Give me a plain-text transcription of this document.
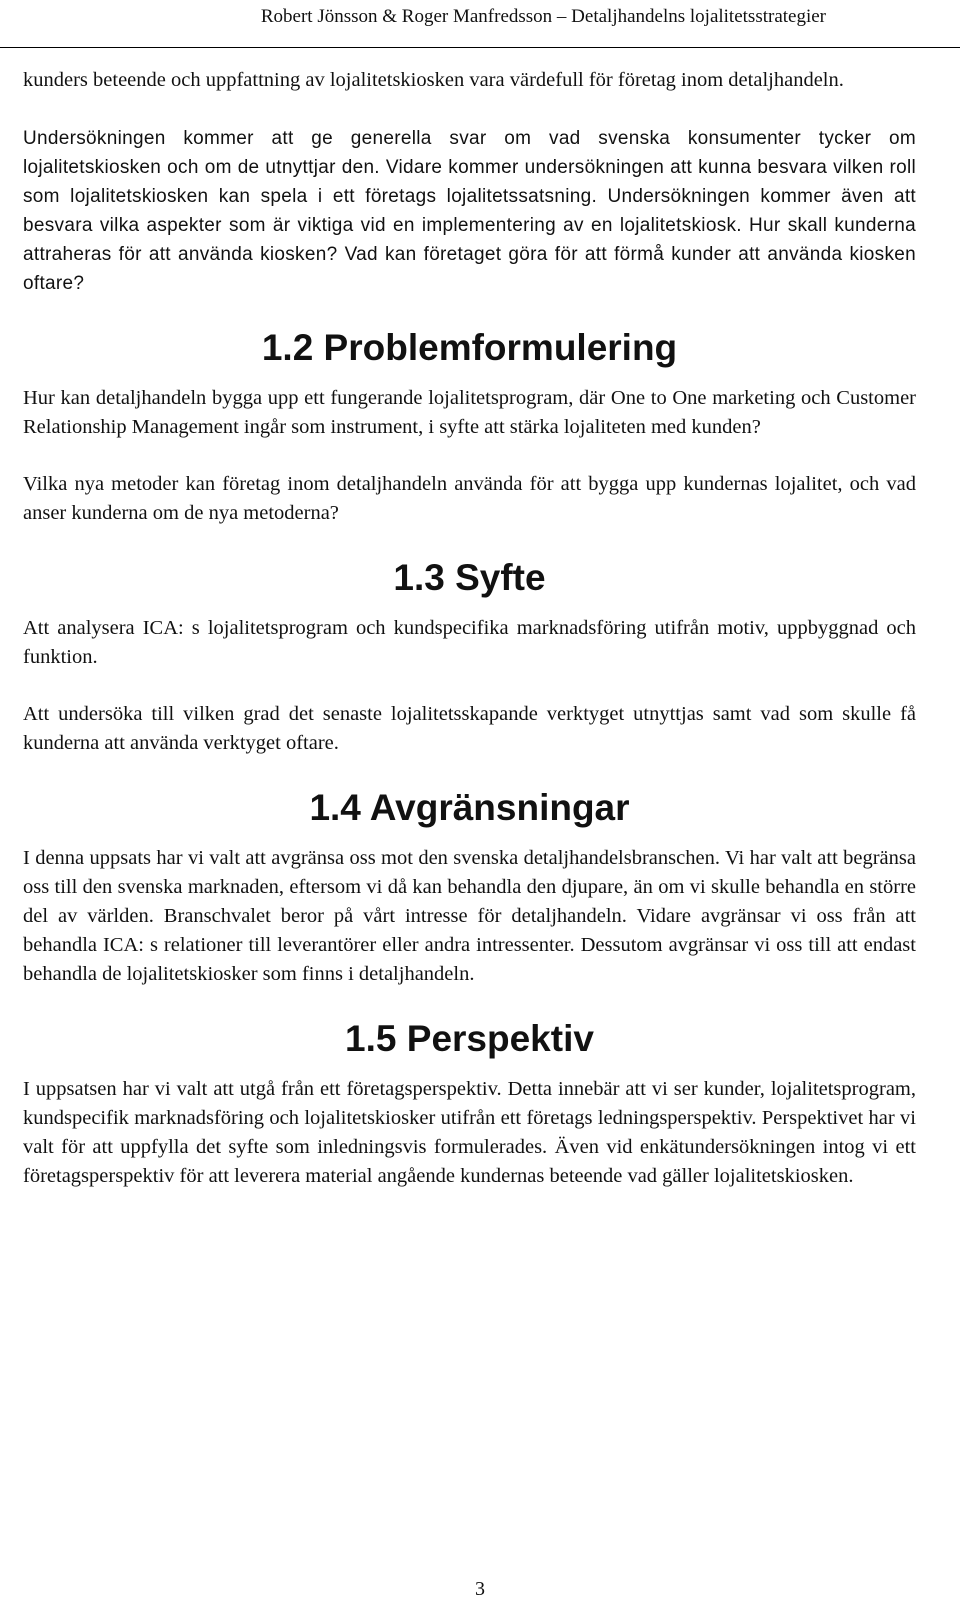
Robert Jönsson & Roger Manfredsson – Detaljhandelns lojalitetsstrategier

kunders beteende och uppfattning av lojalitetskiosken vara värdefull för företag inom detaljhandeln.

Undersökningen kommer att ge generella svar om vad svenska konsumenter tycker om lojalitetskiosken och om de utnyttjar den. Vidare kommer undersökningen att kunna besvara vilken roll som lojalitetskiosken kan spela i ett företags lojalitetssatsning. Undersökningen kommer även att besvara vilka aspekter som är viktiga vid en implementering av en lojalitetskiosk. Hur skall kunderna attraheras för att använda kiosken? Vad kan företaget göra för att förmå kunder att använda kiosken oftare?

1.2 Problemformulering

Hur kan detaljhandeln bygga upp ett fungerande lojalitetsprogram, där One to One marketing och Customer Relationship Management ingår som instrument, i syfte att stärka lojaliteten med kunden?

Vilka nya metoder kan företag inom detaljhandeln använda för att bygga upp kundernas lojalitet, och vad anser kunderna om de nya metoderna?

1.3 Syfte

Att analysera ICA: s lojalitetsprogram och kundspecifika marknadsföring utifrån motiv, uppbyggnad och funktion.

Att undersöka till vilken grad det senaste lojalitetsskapande verktyget utnyttjas samt vad som skulle få kunderna att använda verktyget oftare.

1.4 Avgränsningar

I denna uppsats har vi valt att avgränsa oss mot den svenska detaljhandelsbranschen. Vi har valt att begränsa oss till den svenska marknaden, eftersom vi då kan behandla den djupare, än om vi skulle behandla en större del av världen. Branschvalet beror på vårt intresse för detaljhandeln. Vidare avgränsar vi oss från att behandla ICA: s relationer till leverantörer eller andra intressenter. Dessutom avgränsar vi oss till att endast behandla de lojalitetskiosker som finns i detaljhandeln.

1.5 Perspektiv

I uppsatsen har vi valt att utgå från ett företagsperspektiv. Detta innebär att vi ser kunder, lojalitetsprogram, kundspecifik marknadsföring och lojalitetskiosker utifrån ett företags ledningsperspektiv. Perspektivet har vi valt för att uppfylla det syfte som inledningsvis formulerades. Även vid enkätundersökningen intog vi ett företagsperspektiv för att leverera material angående kundernas beteende vad gäller lojalitetskiosken.

3
